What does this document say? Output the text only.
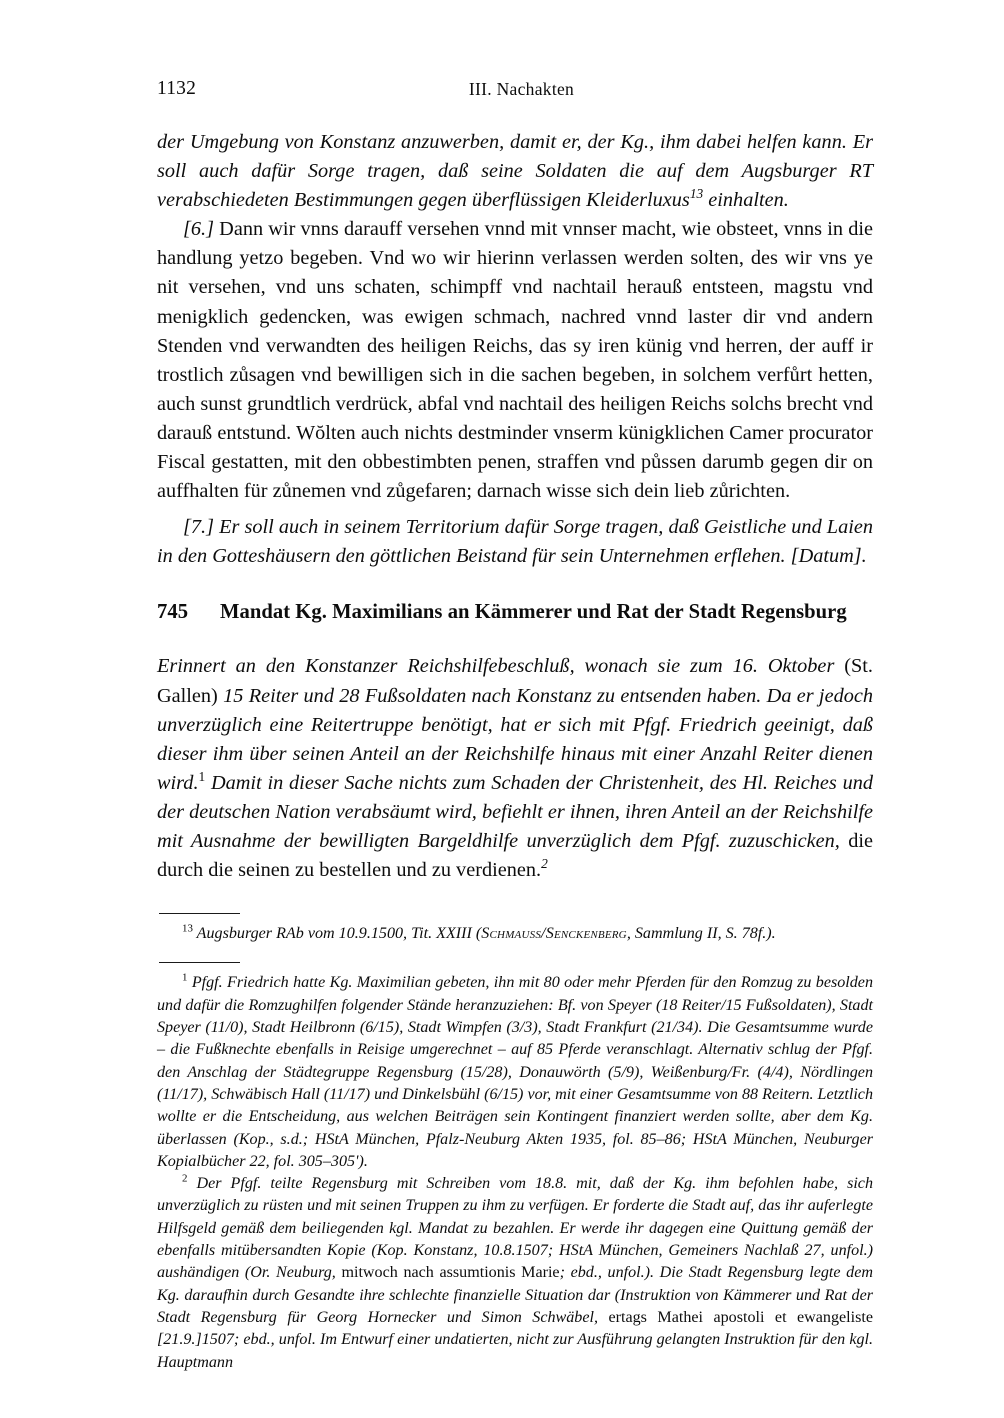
1132	III. Nachakten

der Umgebung von Konstanz anzuwerben, damit er, der Kg., ihm dabei helfen kann. Er soll auch dafür Sorge tragen, daß seine Soldaten die auf dem Augsburger RT verabschiedeten Bestimmungen gegen überflüssigen Kleiderluxus$^{13}$ einhalten.

[6.] Dann wir vnns darauff versehen vnnd mit vnnser macht, wie obsteet, vnns in die handlung yetzo begeben. Vnd wo wir hierinn verlassen werden solten, des wir vns ye nit versehen, vnd uns schaten, schimpff vnd nachtail herauß entsteen, magstu vnd menigklich gedencken, was ewigen schmach, nachred vnnd laster dir vnd andern Stenden vnd verwandten des heiligen Reichs, das sy iren künig vnd herren, der auff ir trostlich zůsagen vnd bewilligen sich in die sachen begeben, in solchem verfůrt hetten, auch sunst grundtlich verdrück, abfal vnd nachtail des heiligen Reichs solchs brecht vnd darauß entstund. Wŏlten auch nichts destminder vnserm künigklichen Camer procurator Fiscal gestatten, mit den obbestimbten penen, straffen vnd půssen darumb gegen dir on auffhalten für zůnemen vnd zůgefaren; darnach wisse sich dein lieb zůrichten.

[7.] Er soll auch in seinem Territorium dafür Sorge tragen, daß Geistliche und Laien in den Gotteshäusern den göttlichen Beistand für sein Unternehmen erflehen. [Datum].

745	Mandat Kg. Maximilians an Kämmerer und Rat der Stadt Regensburg

Erinnert an den Konstanzer Reichshilfebeschluß, wonach sie zum 16. Oktober (St. Gallen) 15 Reiter und 28 Fußsoldaten nach Konstanz zu entsenden haben. Da er jedoch unverzüglich eine Reitertruppe benötigt, hat er sich mit Pfgf. Friedrich geeinigt, daß dieser ihm über seinen Anteil an der Reichshilfe hinaus mit einer Anzahl Reiter dienen wird.$^1$ Damit in dieser Sache nichts zum Schaden der Christenheit, des Hl. Reiches und der deutschen Nation verabsäumt wird, befiehlt er ihnen, ihren Anteil an der Reichshilfe mit Ausnahme der bewilligten Bargeldhilfe unverzüglich dem Pfgf. zuzuschicken, die durch die seinen zu bestellen und zu verdienen.$^2$

$^{13}$ Augsburger RAb vom 10.9.1500, Tit. XXIII (Schmauss/Senckenberg, Sammlung II, S. 78f.).

$^1$ Pfgf. Friedrich hatte Kg. Maximilian gebeten, ihn mit 80 oder mehr Pferden für den Romzug zu besolden und dafür die Romzughilfen folgender Stände heranzuziehen: Bf. von Speyer (18 Reiter/15 Fußsoldaten), Stadt Speyer (11/0), Stadt Heilbronn (6/15), Stadt Wimpfen (3/3), Stadt Frankfurt (21/34). Die Gesamtsumme wurde – die Fußknechte ebenfalls in Reisige umgerechnet – auf 85 Pferde veranschlagt. Alternativ schlug der Pfgf. den Anschlag der Städtegruppe Regensburg (15/28), Donauwörth (5/9), Weißenburg/Fr. (4/4), Nördlingen (11/17), Schwäbisch Hall (11/17) und Dinkelsbühl (6/15) vor, mit einer Gesamtsumme von 88 Reitern. Letztlich wollte er die Entscheidung, aus welchen Beiträgen sein Kontingent finanziert werden sollte, aber dem Kg. überlassen (Kop., s.d.; HStA München, Pfalz-Neuburg Akten 1935, fol. 85–86; HStA München, Neuburger Kopialbücher 22, fol. 305–305').

$^2$ Der Pfgf. teilte Regensburg mit Schreiben vom 18.8. mit, daß der Kg. ihm befohlen habe, sich unverzüglich zu rüsten und mit seinen Truppen zu ihm zu verfügen. Er forderte die Stadt auf, das ihr auferlegte Hilfsgeld gemäß dem beiliegenden kgl. Mandat zu bezahlen. Er werde ihr dagegen eine Quittung gemäß der ebenfalls mitübersandten Kopie (Kop. Konstanz, 10.8.1507; HStA München, Gemeiners Nachlaß 27, unfol.) aushändigen (Or. Neuburg, mitwoch nach assumtionis Marie; ebd., unfol.). Die Stadt Regensburg legte dem Kg. daraufhin durch Gesandte ihre schlechte finanzielle Situation dar (Instruktion von Kämmerer und Rat der Stadt Regensburg für Georg Hornecker und Simon Schwäbel, ertags Mathei apostoli et ewangeliste [21.9.]1507; ebd., unfol. Im Entwurf einer undatierten, nicht zur Ausführung gelangten Instruktion für den kgl. Hauptmann
